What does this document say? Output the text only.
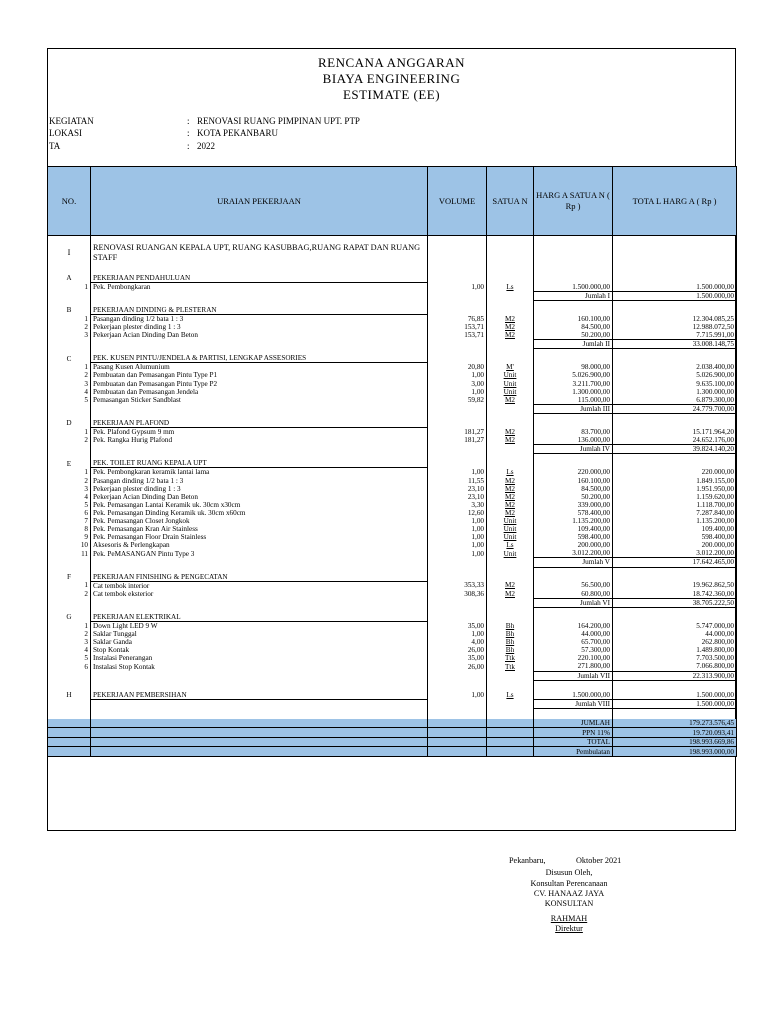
RENCANA ANGGARAN
BIAYA ENGINEERING
ESTIMATE (EE)
KEGIATAN	: RENOVASI RUANG PIMPINAN UPT. PTP
LOKASI	: KOTA PEKANBARU
TA	: 2022
NO.	URAIAN PEKERJAAN	VOLUME	SATUA N	HARG A SATUA N ( Rp )	TOTA L HARG A ( Rp )
I	RENOVASI RUANGAN KEPALA UPT, RUANG KASUBBAG,RUANG RAPAT DAN RUANG STAFF				

A	PEKERJAAN PENDAHULUAN				
1	Pek. Pembongkaran	1,00	Ls	1.500.000,00	1.500.000,00
				Jumlah I	1.500.000,00

B	PEKERJAAN DINDING & PLESTERAN				
1	Pasangan dinding 1/2 bata 1 : 3	76,85	M2	160.100,00	12.304.085,25
2	Pekerjaan plester dinding 1 : 3	153,71	M2	84.500,00	12.988.072,50
3	Pekerjaan Acian Dinding Dan Beton	153,71	M2	50.200,00	7.715.991,00
				Jumlah II	33.008.148,75

C	PEK. KUSEN PINTU/JENDELA & PARTISI, LENGKAP ASSESORIES				
1	Pasang Kusen Alumunium	20,80	M'	98.000,00	2.038.400,00
2	Pembuatan dan Pemasangan Pintu Type P1	1,00	Unit	5.026.900,00	5.026.900,00
3	Pembuatan dan Pemasangan Pintu Type P2	3,00	Unit	3.211.700,00	9.635.100,00
4	Pembuatan dan Pemasangan Jendela	1,00	Unit	1.300.000,00	1.300.000,00
5	Pemasangan Sticker Sandblast	59,82	M2	115.000,00	6.879.300,00
				Jumlah III	24.779.700,00

D	PEKERJAAN PLAFOND				
1	Pek. Plafond Gypsum 9 mm	181,27	M2	83.700,00	15.171.964,20
2	Pek. Rangka Hurig Plafond	181,27	M2	136.000,00	24.652.176,00
				Jumlah IV	39.824.140,20

E	PEK. TOILET RUANG KEPALA UPT				
1	Pek. Pembongkaran keramik lantai lama	1,00	Ls	220.000,00	220.000,00
2	Pasangan dinding 1/2 bata 1 : 3	11,55	M2	160.100,00	1.849.155,00
3	Pekerjaan plester dinding 1 : 3	23,10	M2	84.500,00	1.951.950,00
4	Pekerjaan Acian Dinding Dan Beton	23,10	M2	50.200,00	1.159.620,00
5	Pek. Pemasangan Lantai Keramik uk. 30cm x30cm	3,30	M2	339.000,00	1.118.700,00
6	Pek. Pemasangan Dinding Keramik uk. 30cm x60cm	12,60	M2	578.400,00	7.287.840,00
7	Pek. Pemasangan Closet Jongkok	1,00	Unit	1.135.200,00	1.135.200,00
8	Pek. Pemasangan Kran Air Stainless	1,00	Unit	109.400,00	109.400,00
9	Pek. Pemasangan Floor Drain Stainless	1,00	Unit	598.400,00	598.400,00
10	Aksesoris & Perlengkapan	1,00	Ls	200.000,00	200.000,00
11	Pek. PeMASANGAN Pintu Type 3	1,00	Unit	3.012.200,00	3.012.200,00
				Jumlah V	17.642.465,00

F	PEKERJAAN FINISHING & PENGECATAN				
1	Cat tembok interior	353,33	M2	56.500,00	19.962.862,50
2	Cat tembok eksterior	308,36	M2	60.800,00	18.742.360,00
				Jumlah VI	38.705.222,50

G	PEKERJAAN ELEKTRIKAL				
1	Down Light LED 9 W	35,00	Bh	164.200,00	5.747.000,00
2	Saklar Tunggal	1,00	Bh	44.000,00	44.000,00
3	Saklar Ganda	4,00	Bh	65.700,00	262.800,00
4	Stop Kontak	26,00	Bh	57.300,00	1.489.800,00
5	Instalasi Penerangan	35,00	Ttk	220.100,00	7.703.500,00
6	Instalasi Stop Kontak	26,00	Ttk	271.800,00	7.066.800,00
				Jumlah VII	22.313.900,00

H	PEKERJAAN PEMBERSIHAN	1,00	Ls	1.500.000,00	1.500.000,00
				Jumlah VIII	1.500.000,00

				JUMLAH	179.273.576,45
				PPN 11%	19.720.093,41
				TOTAL	198.993.669,86
				Pembulatan	198.993.000,00
Pekanbaru,	Oktober 2021
Disusun Oleh,
Konsultan Perencanaan
CV. HANAAZ JAYA
KONSULTAN
RAHMAH
Direktur
